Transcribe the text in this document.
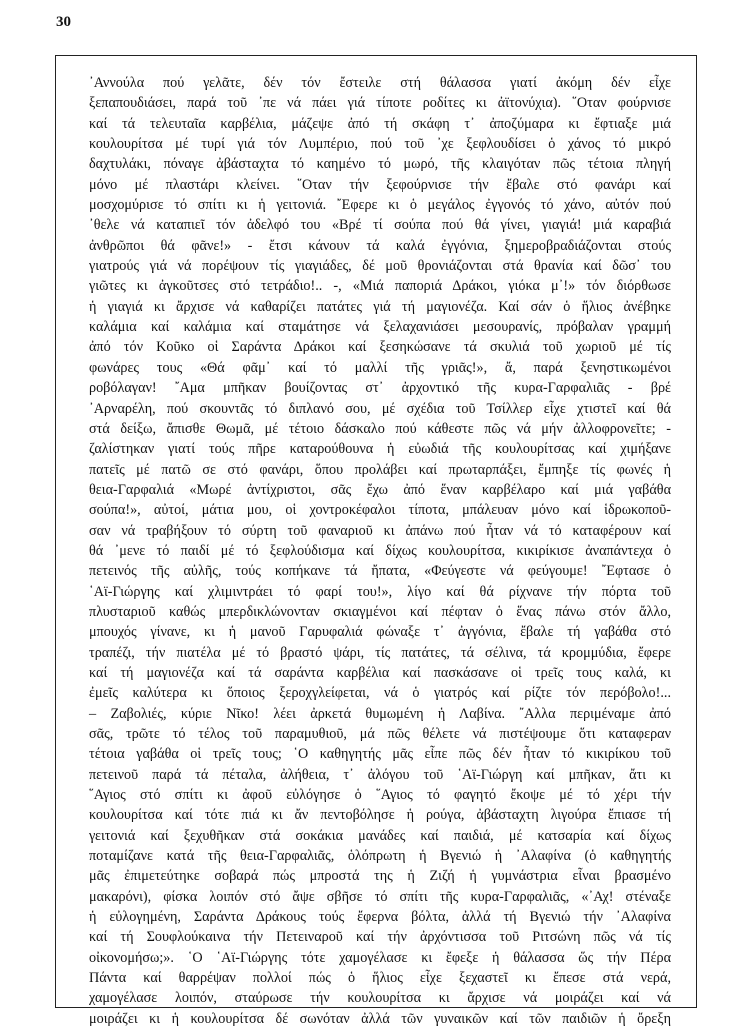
30
᾿Αννούλα πού γελᾶτε, δέν τόν ἔστειλε στή θάλασσα γιατί ἀκόμη δέν εἶχε
ξεπαπουδιάσει, παρά τοῦ ᾽πε νά πάει γιά τίποτε ροδίτες κι ἀϊτονύχια). ῞Οταν φούρνισε
καί τά τελευταῖα καρβέλια, μάζεψε ἀπό τή σκάφη τ᾽ ἀποζύμαρα κι ἔφτιαξε μιά
κουλουρίτσα μέ τυρί γιά τόν Λυμπέριο, πού τοῦ ᾽χε ξεφλουδίσει ὁ χάνος τό μικρό
δαχτυλάκι, πόναγε ἀβάσταχτα τό καημένο τό μωρό, τῆς κλαιγόταν πῶς τέτοια πληγή
μόνο μέ πλαστάρι κλείνει. ῞Οταν τήν ξεφούρνισε τήν ἔβαλε στό φανάρι καί
μοσχομύρισε τό σπίτι κι ἡ γειτονιά. ῎Εφερε κι ὁ μεγάλος ἐγγονός τό χάνο, αὐτόν πού
᾿θελε νά καταπιεῖ τόν ἀδελφό του «Βρέ τί σούπα πού θά γίνει, γιαγιά! μιά καραβιά
ἀνθρῶποι θά φᾶνε!» - ἔτσι κάνουν τά καλά ἐγγόνια, ξημεροβραδιάζονται στούς
γιατρούς γιά νά πορέψουν τίς γιαγιάδες, δέ μοῦ θρονιάζονται στά θρανία καί δῶσ᾽ του
γιῶτες κι ἀγκοῦτσες στό τετράδιο!.. -, «Μιά παποριά Δράκοι, γιόκα μ᾽!» τόν διόρθωσε
ἡ γιαγιά κι ἄρχισε νά καθαρίζει πατάτες γιά τή μαγιονέζα. Καί σάν ὁ ἥλιος ἀνέβηκε
καλάμια καί καλάμια καί σταμάτησε νά ξελαχανιάσει μεσουρανίς, πρόβαλαν γραμμή
ἀπό τόν Κοῦκο οἱ Σαράντα Δράκοι καί ξεσηκώσανε τά σκυλιά τοῦ χωριοῦ μέ τίς
φωνάρες τους «Θά φᾶμ᾽ καί τό μαλλί τῆς γριᾶς!», ἄ, παρά ξενηστικωμένοι
ροβόλαγαν! ῎Αμα μπῆκαν βουίζοντας στ᾽ ἀρχοντικό τῆς κυρα-Γαρφαλιᾶς - βρέ
᾿Αρναρέλη, πού σκουντᾶς τό διπλανό σου, μέ σχέδια τοῦ Τσίλλερ εἶχε χτιστεῖ καί θά
στά δείξω, ἄπισθε Θωμᾶ, μέ τέτοιο δάσκαλο πού κάθεστε πῶς νά μήν ἀλλοφρονεῖτε; -
ζαλίστηκαν γιατί τούς πῆρε καταρούθουνα ἡ εὐωδιά τῆς κουλουρίτσας καί χιμήξανε
πατεῖς μέ πατῶ σε στό φανάρι, ὅπου προλάβει καί πρωταρπάξει, ἔμπηξε τίς φωνές ἡ
θεια-Γαρφαλιά «Μωρέ ἀντίχριστοι, σᾶς ἔχω ἀπό ἕναν καρβέλαρο καί μιά γαβάθα
σούπα!», αὐτοί, μάτια μου, οἱ χοντροκέφαλοι τίποτα, μπάλευαν μόνο καί ἱδρωκοποῦ-
σαν νά τραβήξουν τό σύρτη τοῦ φαναριοῦ κι ἀπάνω πού ἦταν νά τό καταφέρουν καί
θά ᾽μενε τό παιδί μέ τό ξεφλούδισμα καί δίχως κουλουρίτσα, κικιρίκισε ἀναπάντεχα ὁ
πετεινός τῆς αὐλῆς, τούς κοπήκανε τά ἤπατα, «Φεύγεστε νά φεύγουμε! ῎Εφτασε ὁ
῾Αϊ-Γιώργης καί χλιμιντράει τό φαρί του!», λίγο καί θά ρίχνανε τήν πόρτα τοῦ
πλυσταριοῦ καθώς μπερδικλώνονταν σκιαγμένοι καί πέφταν ὁ ἕνας πάνω στόν ἄλλο,
μπουχός γίνανε, κι ἡ μανοῦ Γαρυφαλιά φώναξε τ᾽ ἀγγόνια, ἔβαλε τή γαβάθα στό
τραπέζι, τήν πιατέλα μέ τό βραστό ψάρι, τίς πατάτες, τά σέλινα, τά κρομμύδια, ἔφερε
καί τή μαγιονέζα καί τά σαράντα καρβέλια καί πασκάσανε οἱ τρεῖς τους καλά, κι
ἐμεῖς καλύτερα κι ὅποιος ξεροχγλείφεται, νά ὁ γιατρός καί ρίζτε τόν περόβολο!...
– Ζαβολιές, κύριε Νῖκο! λέει ἀρκετά θυμωμένη ἡ Λαβίνα. ῎Αλλα περιμέναμε ἀπό
σᾶς, τρῶτε τό τέλος τοῦ παραμυθιοῦ, μά πῶς θέλετε νά πιστέψουμε ὅτι καταφεραν
τέτοια γαβάθα οἱ τρεῖς τους; ῾Ο καθηγητής μᾶς εἶπε πῶς δέν ἦταν τό κικιρίκου τοῦ
πετεινοῦ παρά τά πέταλα, ἀλήθεια, τ᾽ ἀλόγου τοῦ ῾Αϊ-Γιώργη καί μπῆκαν, ἄτι κι
῞Αγιος στό σπίτι κι ἀφοῦ εὐλόγησε ὁ ῞Αγιος τό φαγητό ἔκοψε μέ τό χέρι τήν
κουλουρίτσα καί τότε πιά κι ἄν πεντοβόλησε ἡ ρούγα, ἀβάσταχτη λιγούρα ἔπιασε τή
γειτονιά καί ξεχυθῆκαν στά σοκάκια μανάδες καί παιδιά, μέ κατσαρία καί δίχως
ποταμίζανε κατά τῆς θεια-Γαρφαλιᾶς, ὁλόπρωτη ἡ Βγενιώ ἡ ᾿Αλαφίνα (ὁ καθηγητής
μᾶς ἐπιμετεύτηκε σοβαρά πώς μπροστά της ἡ Ζιζή ἡ γυμνάστρια εἶναι βρασμένο
μακαρόνι), φίσκα λοιπόν στό ἄψε σβῆσε τό σπίτι τῆς κυρα-Γαρφαλιᾶς, «᾿Αχ! στέναξε
ἡ εὐλογημένη, Σαράντα Δράκους τούς ἔφερνα βόλτα, ἀλλά τή Βγενιώ τήν ᾿Αλαφίνα
καί τή Σουφλούκαινα τήν Πετειναροῦ καί τήν ἀρχόντισσα τοῦ Ριτσώνη πῶς νά τίς
οἰκονομήσω;». ῾Ο ῾Αϊ-Γιώργης τότε χαμογέλασε κι ἔφεξε ἡ θάλασσα ὥς τήν Πέρα
Πάντα καί θαρρέψαν πολλοί πώς ὁ ἥλιος εἶχε ξεχαστεῖ κι ἔπεσε στά νερά,
χαμογέλασε λοιπόν, σταύρωσε τήν κουλουρίτσα κι ἄρχισε νά μοιράζει καί νά
μοιράζει κι ἡ κουλουρίτσα δέ σωνόταν ἀλλά τῶν γυναικῶν καί τῶν παιδιῶν ἡ ὄρεξη
